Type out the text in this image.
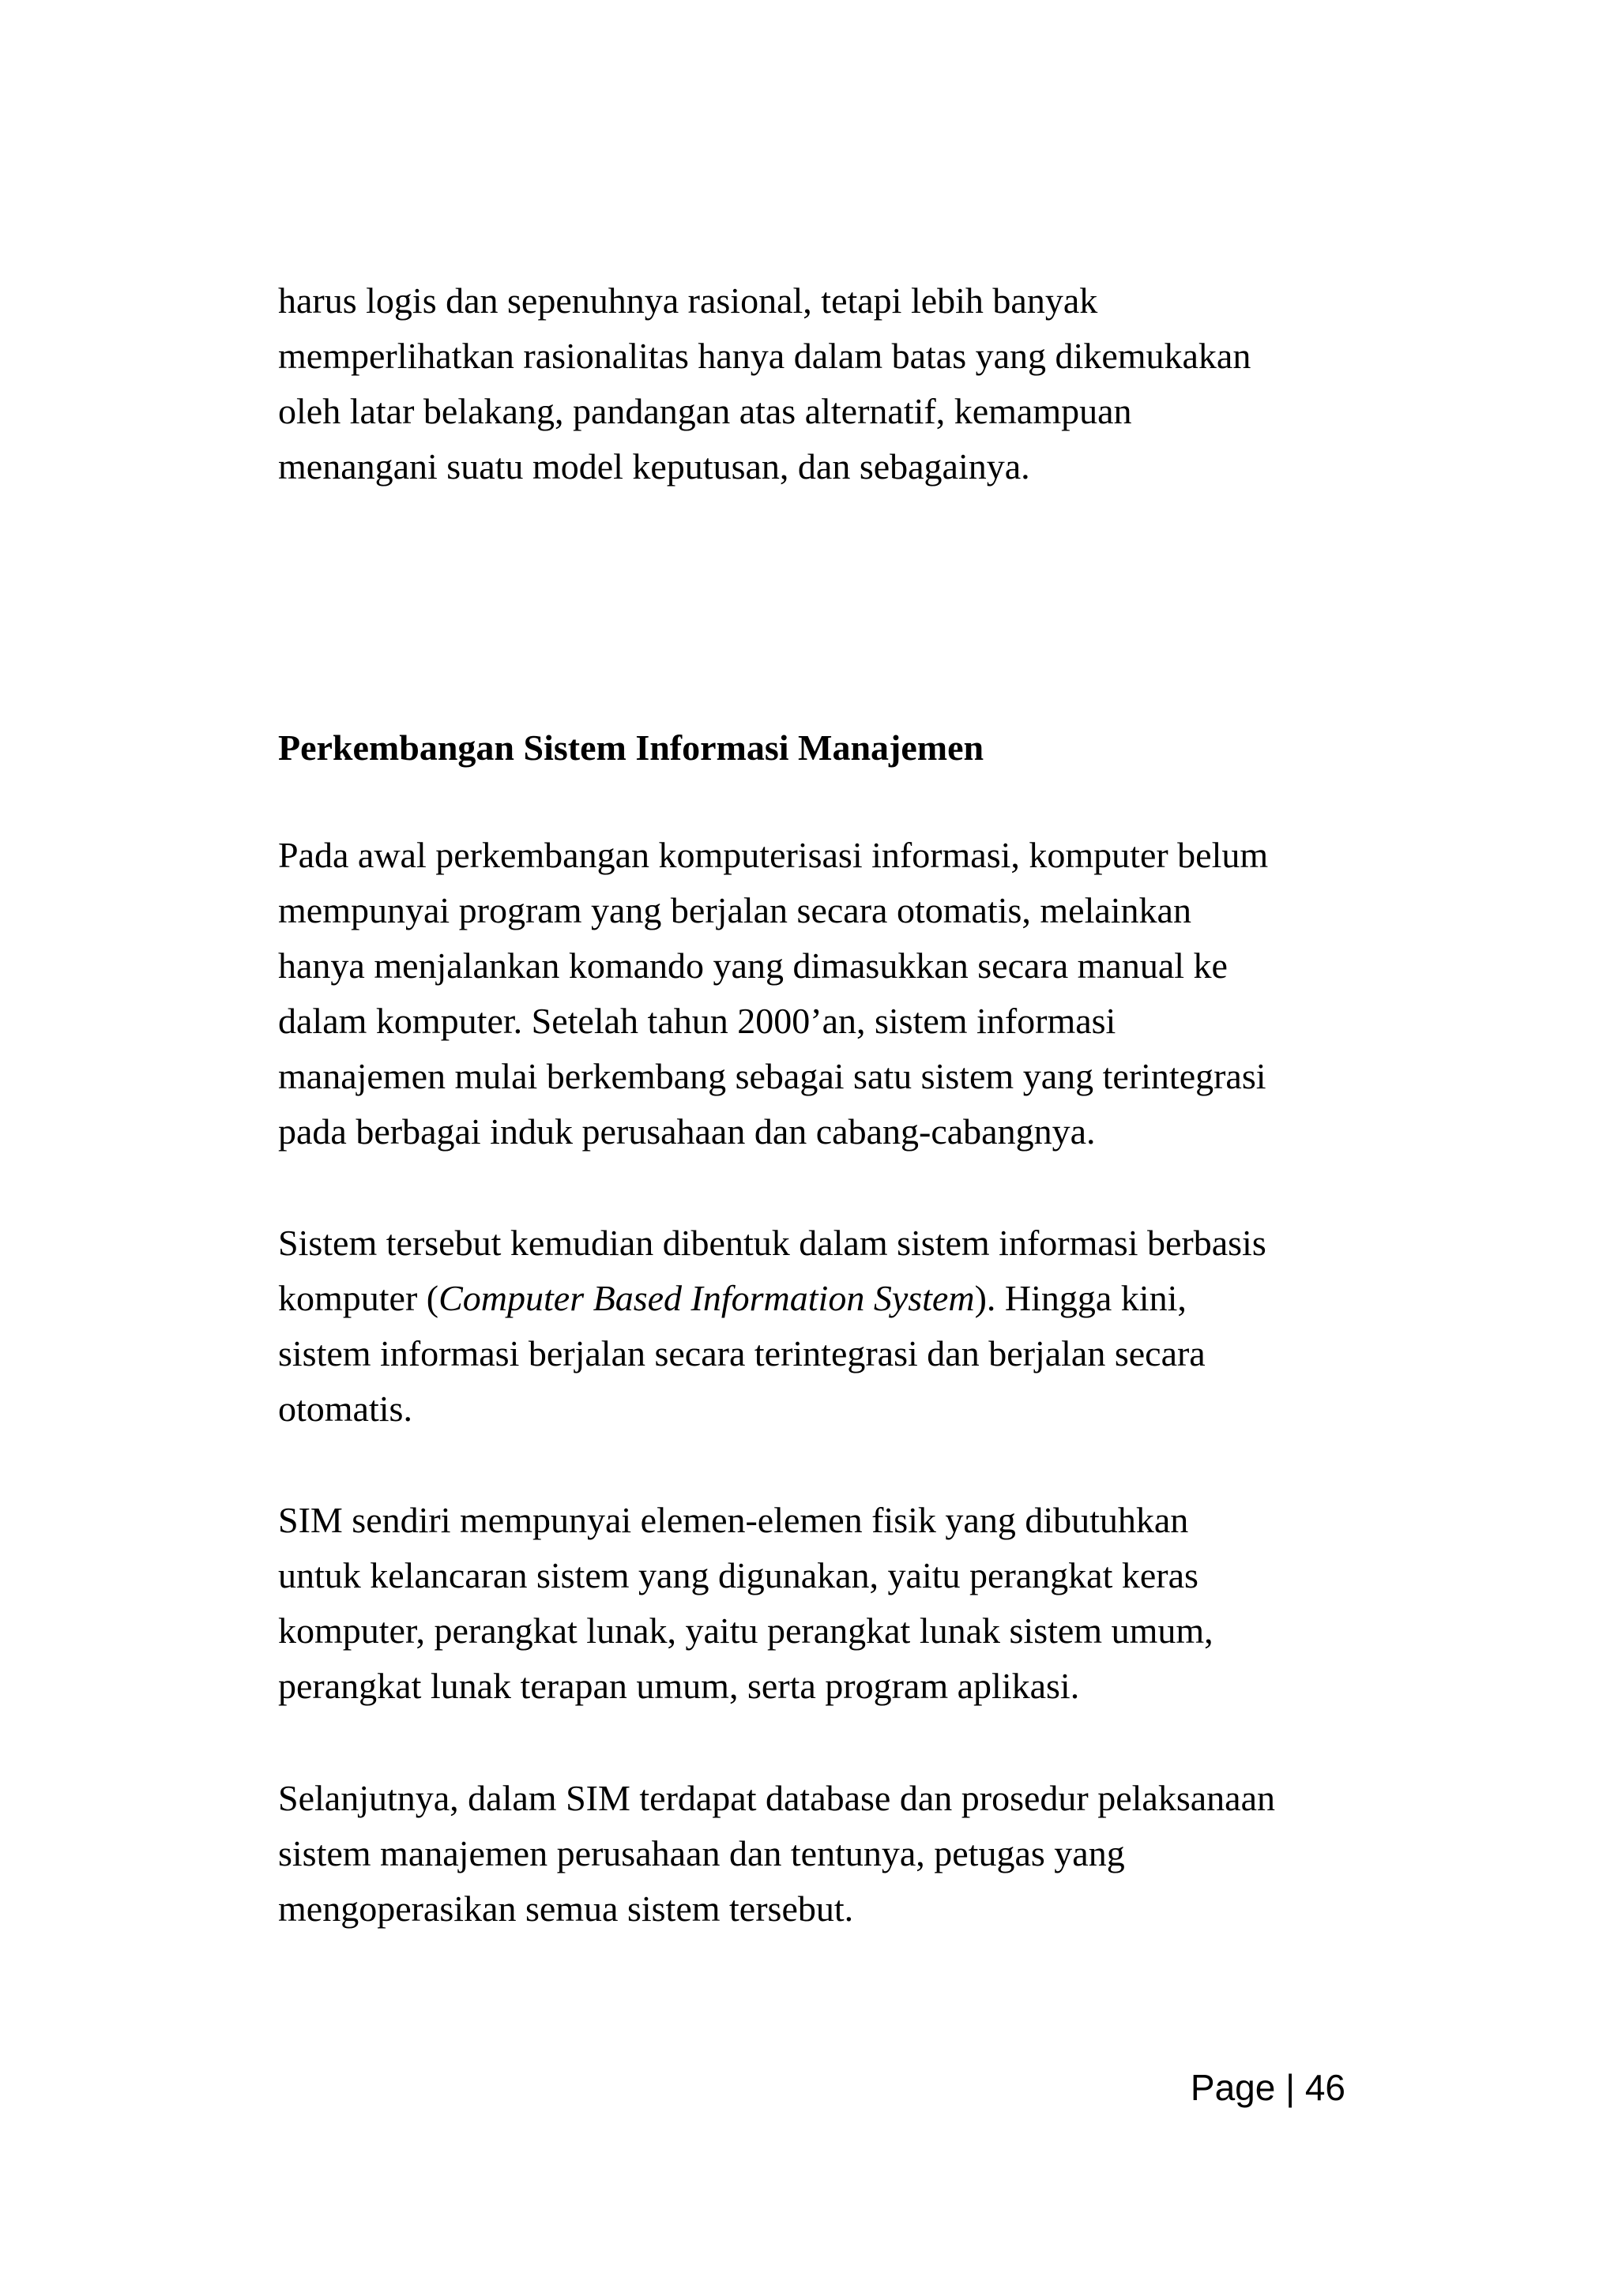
harus logis dan sepenuhnya rasional, tetapi lebih banyak

memperlihatkan rasionalitas hanya dalam batas yang dikemukakan

oleh latar belakang, pandangan atas alternatif, kemampuan

menangani suatu model keputusan, dan sebagainya.

Perkembangan Sistem Informasi Manajemen

Pada awal perkembangan komputerisasi informasi, komputer belum

mempunyai program yang berjalan secara otomatis, melainkan

hanya menjalankan komando yang dimasukkan secara manual ke

dalam komputer. Setelah tahun 2000’an, sistem informasi

manajemen mulai berkembang sebagai satu sistem yang terintegrasi

pada berbagai induk perusahaan dan cabang-cabangnya.

Sistem tersebut kemudian dibentuk dalam sistem informasi berbasis

komputer (Computer Based Information System). Hingga kini,

sistem informasi berjalan secara terintegrasi dan berjalan secara

otomatis.

SIM sendiri mempunyai elemen-elemen fisik yang dibutuhkan

untuk kelancaran sistem yang digunakan, yaitu perangkat keras

komputer, perangkat lunak, yaitu perangkat lunak sistem umum,

perangkat lunak terapan umum, serta program aplikasi.

Selanjutnya, dalam SIM terdapat database dan prosedur pelaksanaan

sistem manajemen perusahaan dan tentunya, petugas yang

mengoperasikan semua sistem tersebut.

Page | 46
